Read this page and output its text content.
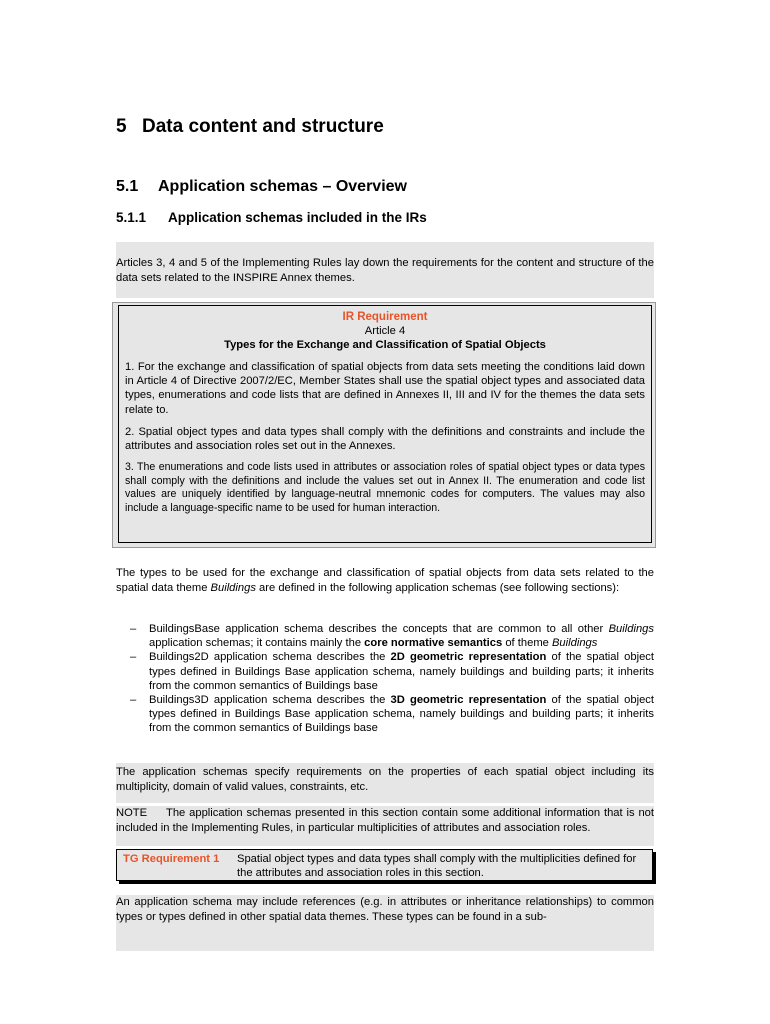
5 Data content and structure
5.1 Application schemas – Overview
5.1.1 Application schemas included in the IRs
Articles 3, 4 and 5 of the Implementing Rules lay down the requirements for the content and structure of the data sets related to the INSPIRE Annex themes.
IR Requirement
Article 4
Types for the Exchange and Classification of Spatial Objects

1. For the exchange and classification of spatial objects from data sets meeting the conditions laid down in Article 4 of Directive 2007/2/EC, Member States shall use the spatial object types and associated data types, enumerations and code lists that are defined in Annexes II, III and IV for the themes the data sets relate to.

2. Spatial object types and data types shall comply with the definitions and constraints and include the attributes and association roles set out in the Annexes.

3. The enumerations and code lists used in attributes or association roles of spatial object types or data types shall comply with the definitions and include the values set out in Annex II. The enumeration and code list values are uniquely identified by language-neutral mnemonic codes for computers. The values may also include a language-specific name to be used for human interaction.

The types to be used for the exchange and classification of spatial objects from data sets related to the spatial data theme Buildings are defined in the following application schemas (see following sections):
– BuildingsBase application schema describes the concepts that are common to all other Buildings application schemas; it contains mainly the core normative semantics of theme Buildings
– Buildings2D application schema describes the 2D geometric representation of the spatial object types defined in Buildings Base application schema, namely buildings and building parts; it inherits from the common semantics of Buildings base
– Buildings3D application schema describes the 3D geometric representation of the spatial object types defined in Buildings Base application schema, namely buildings and building parts; it inherits from the common semantics of Buildings base
The application schemas specify requirements on the properties of each spatial object including its multiplicity, domain of valid values, constraints, etc.
NOTE The application schemas presented in this section contain some additional information that is not included in the Implementing Rules, in particular multiplicities of attributes and association roles.
TG Requirement 1 Spatial object types and data types shall comply with the multiplicities defined for the attributes and association roles in this section.
An application schema may include references (e.g. in attributes or inheritance relationships) to common types or types defined in other spatial data themes. These types can be found in a sub-
